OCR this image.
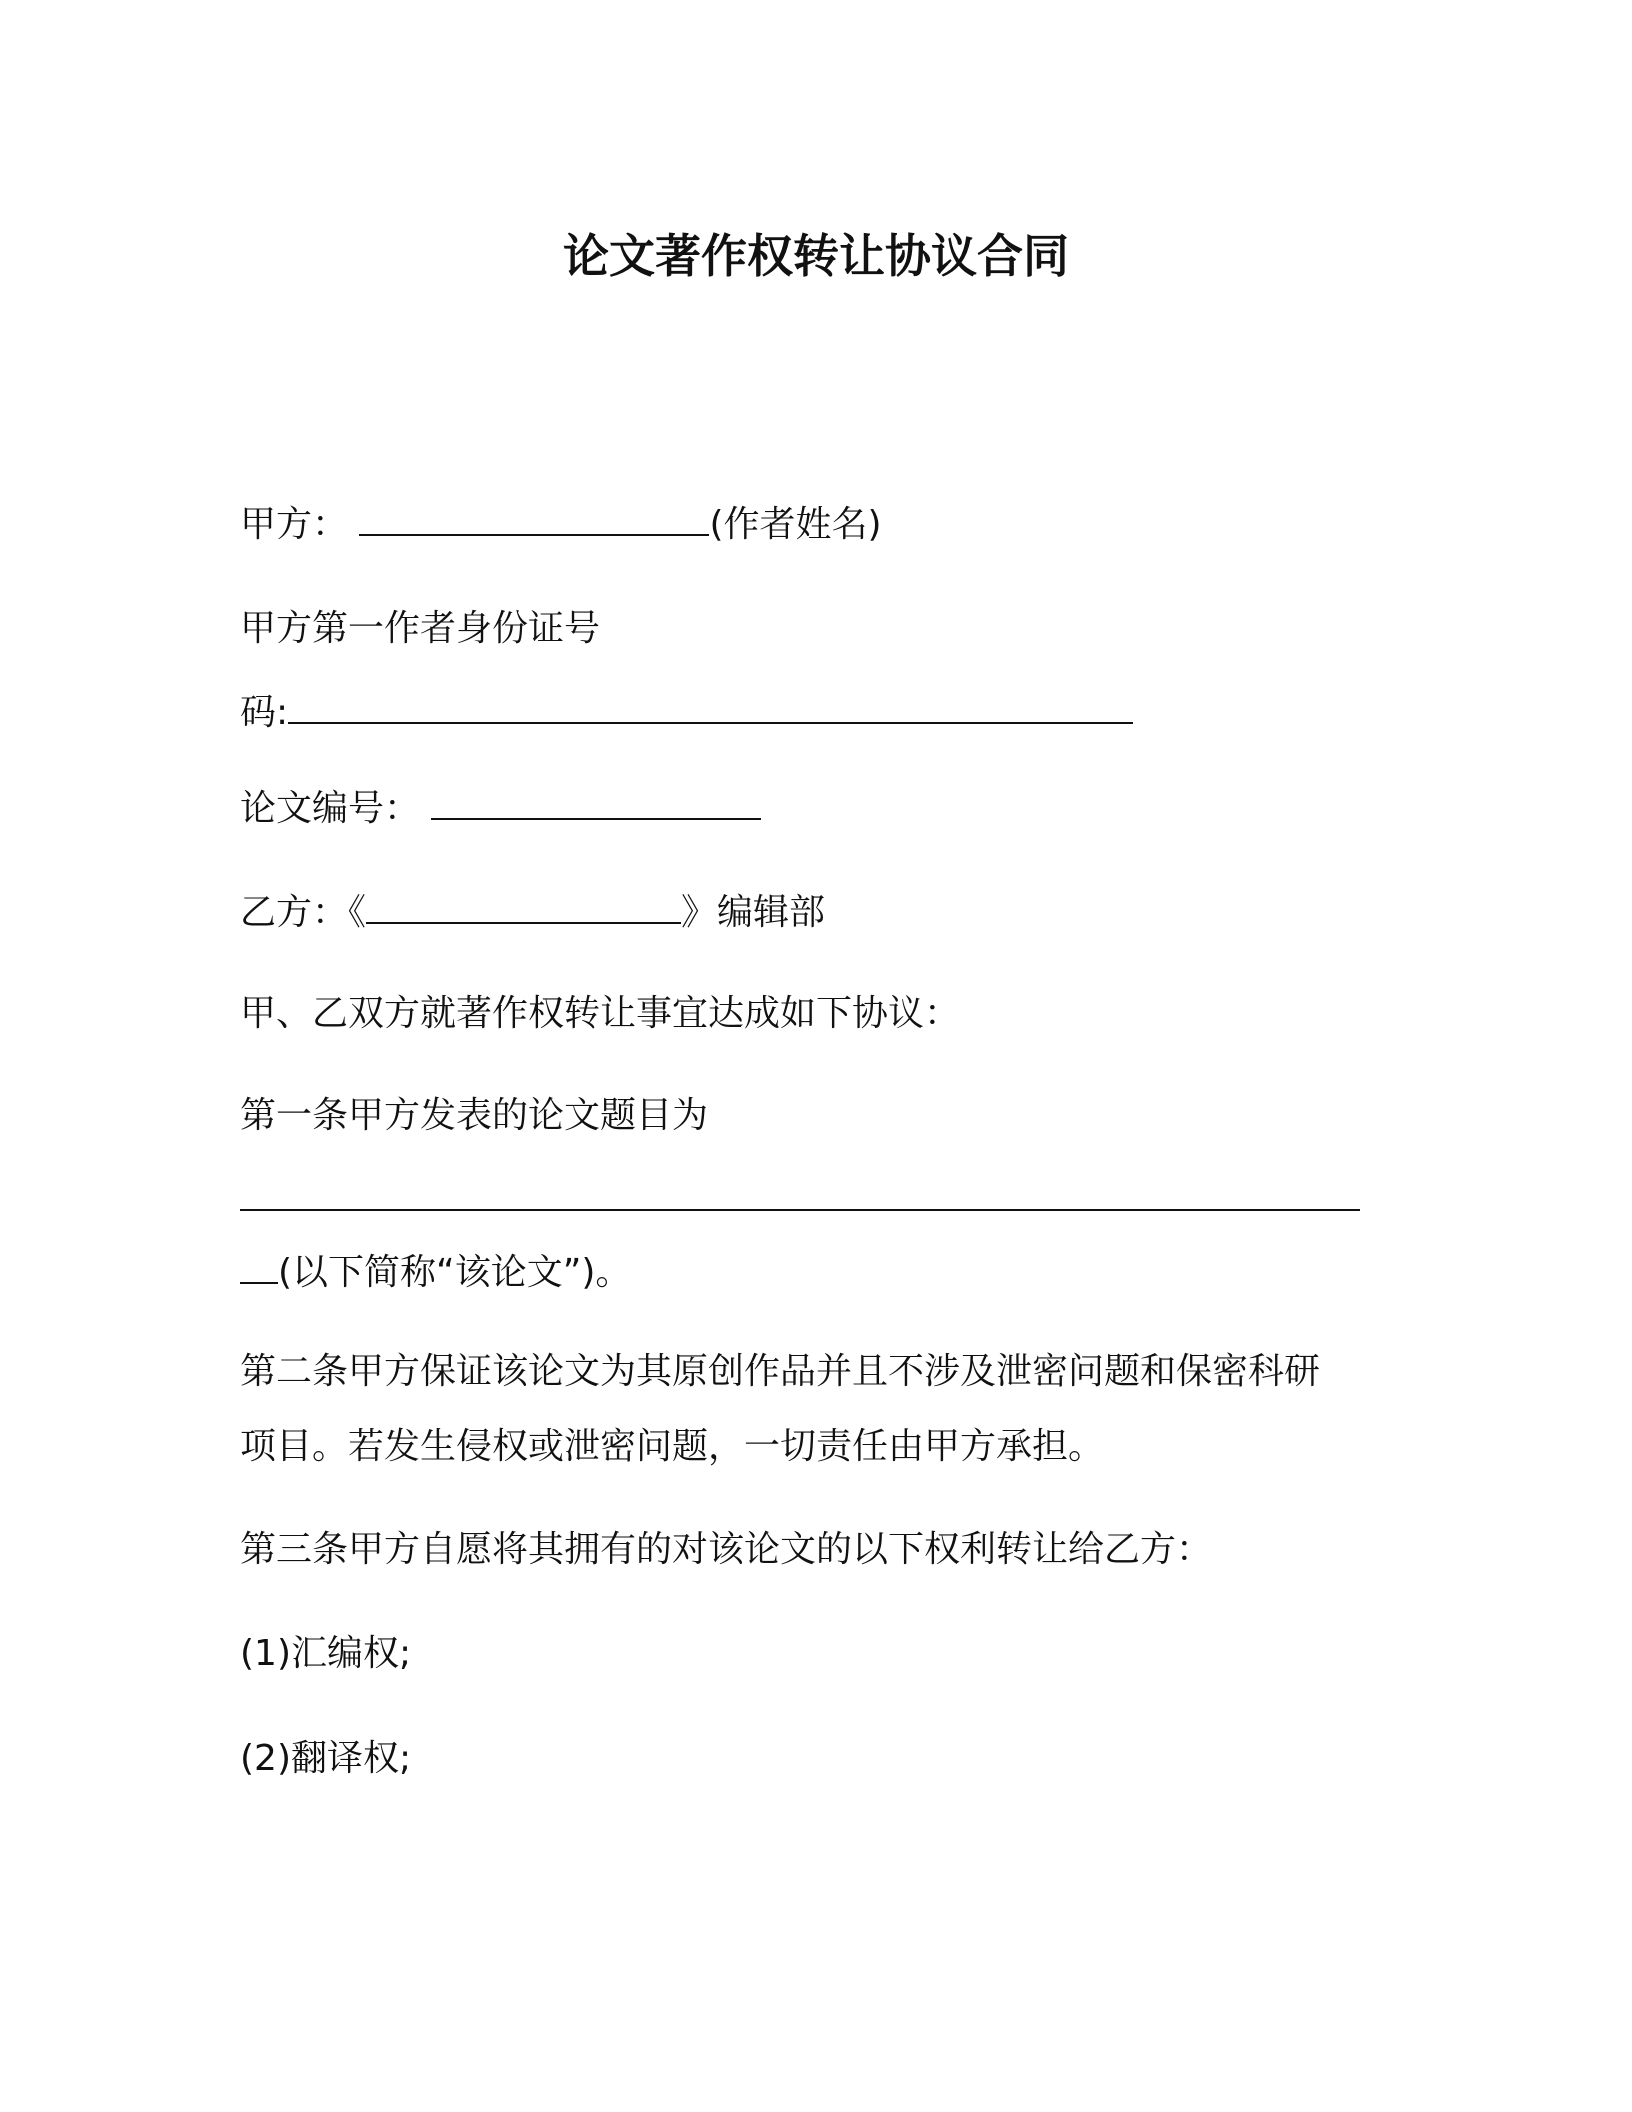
论文著作权转让协议合同
甲方：	(作者姓名)
甲方第一作者身份证号
码:
论文编号：
乙方：《	》编辑部
甲、乙双方就著作权转让事宜达成如下协议：
第一条甲方发表的论文题目为
(以下简称“该论文”)。
第二条甲方保证该论文为其原创作品并且不涉及泄密问题和保密科研
项目。若发生侵权或泄密问题，一切责任由甲方承担。
第三条甲方自愿将其拥有的对该论文的以下权利转让给乙方：
(1)汇编权;
(2)翻译权;
